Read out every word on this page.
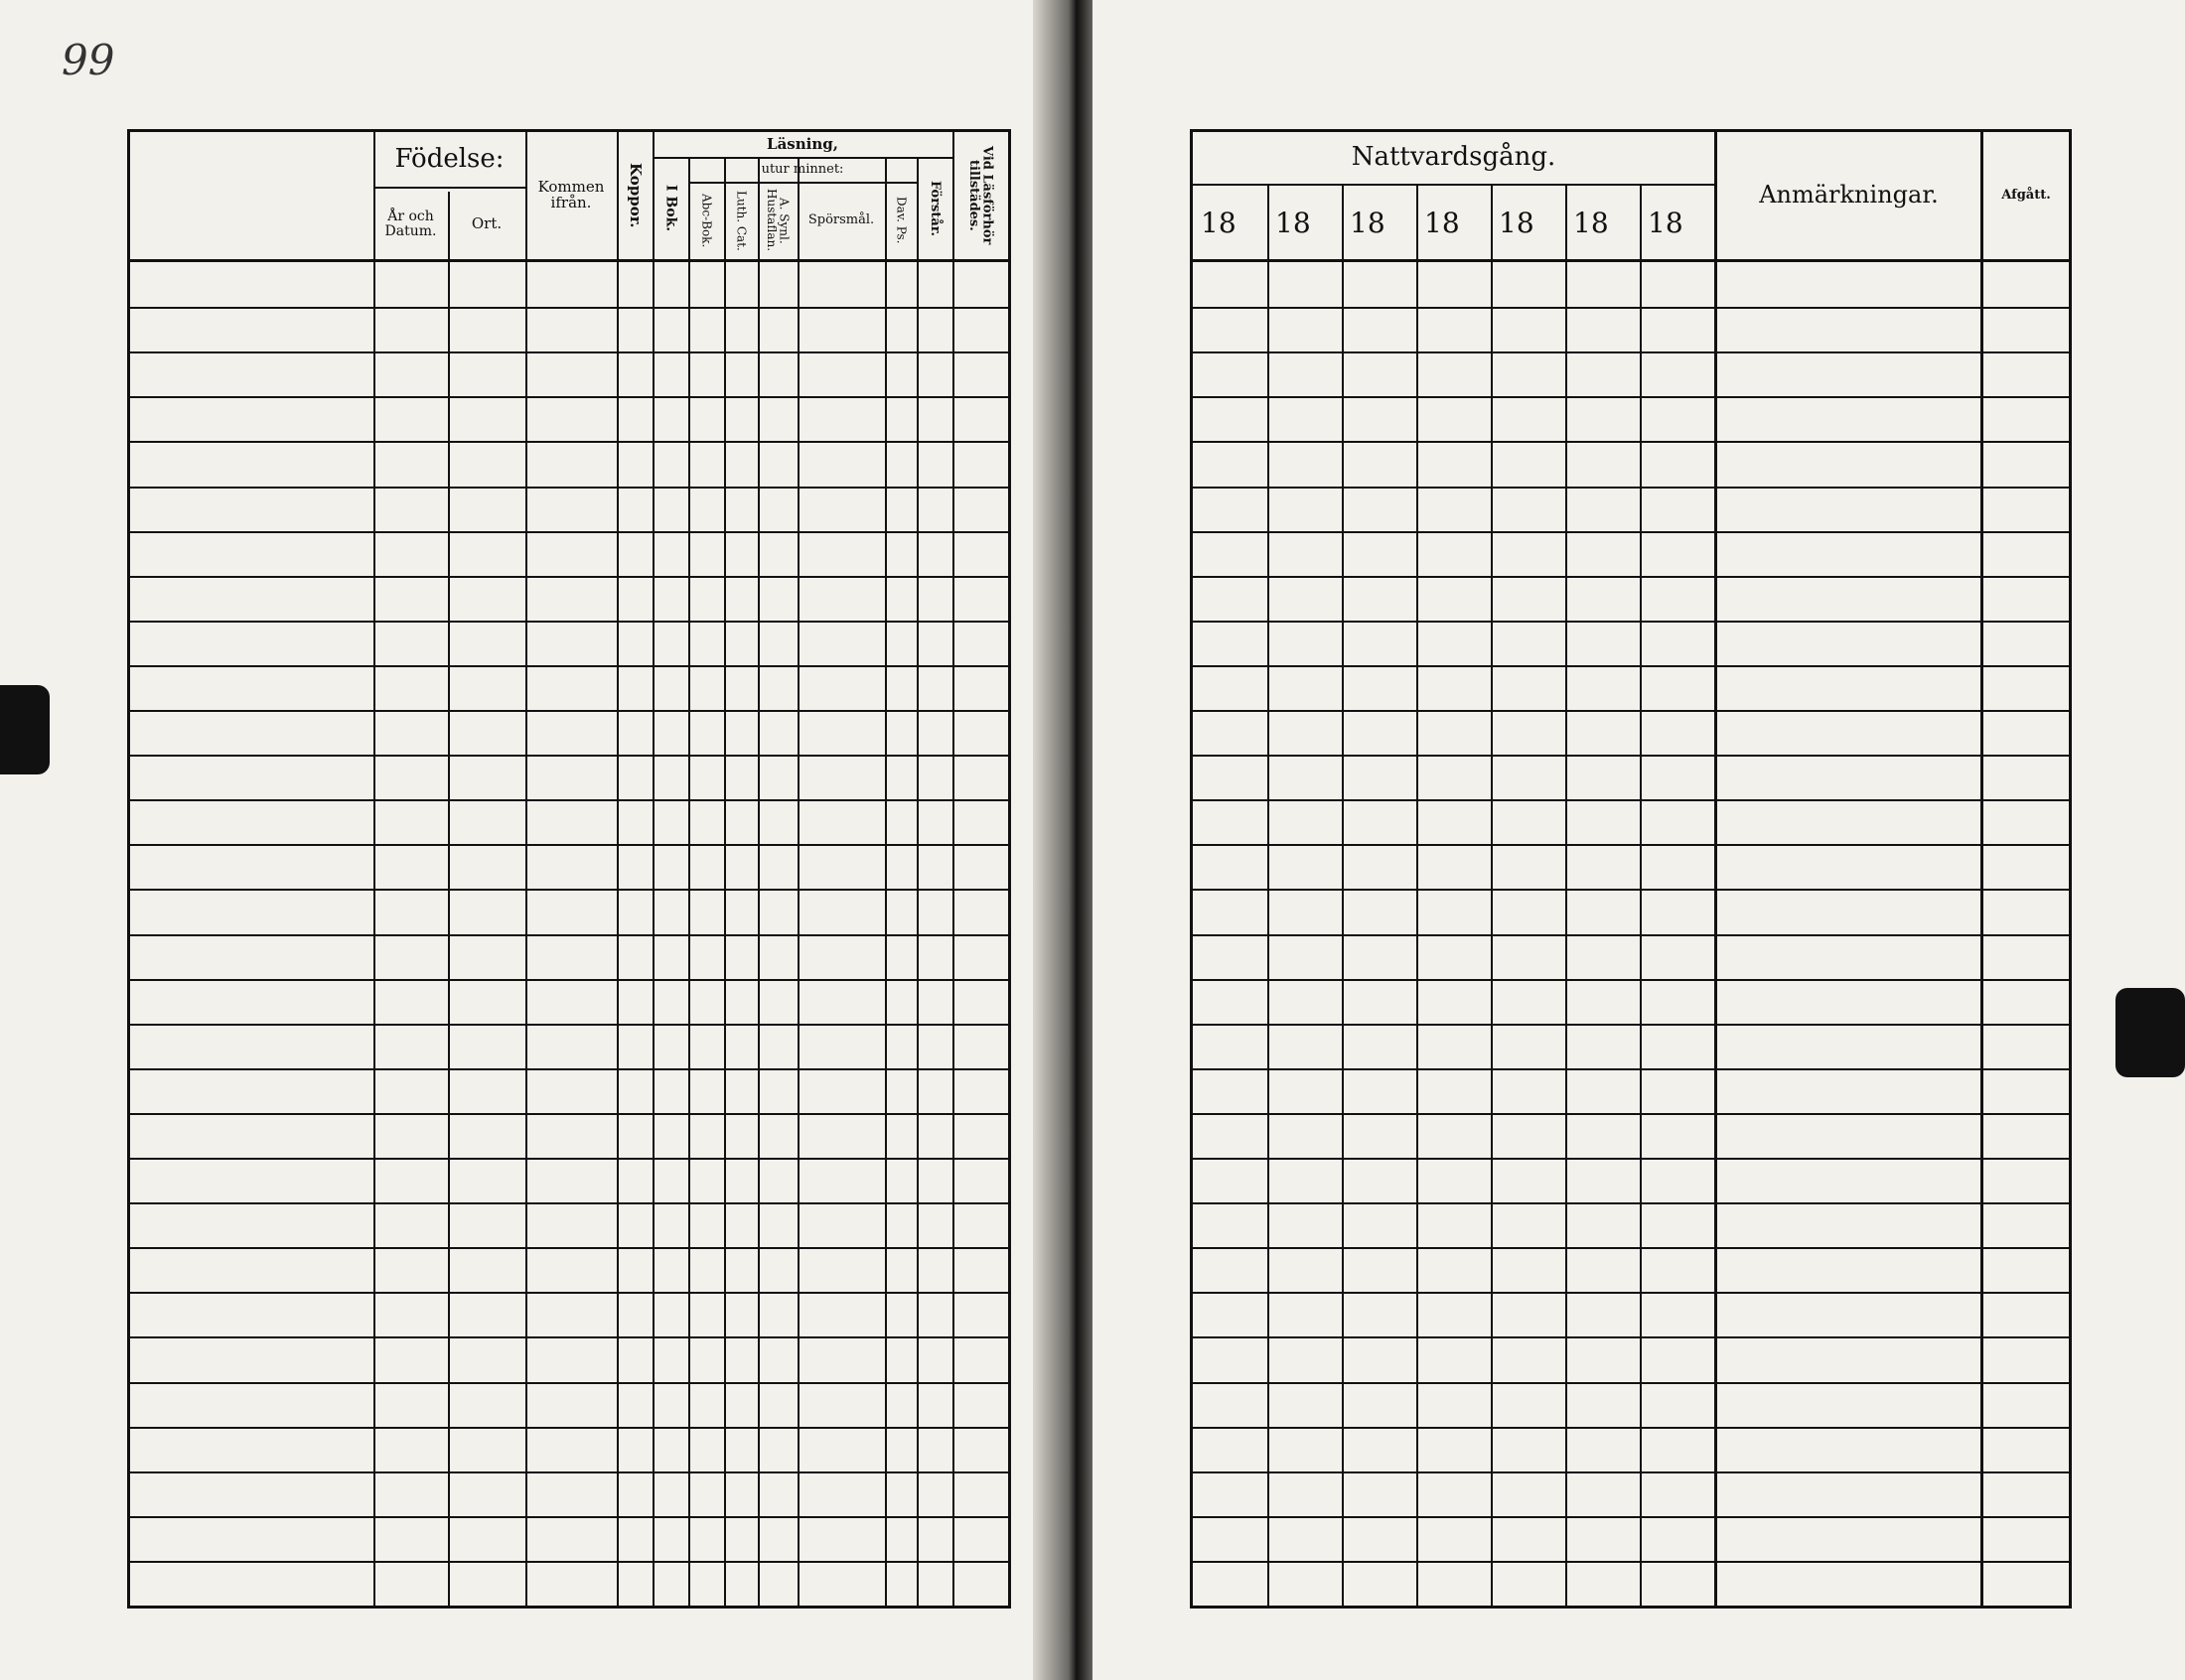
99
Födelse:
År och Datum.	Ort.
Kommen ifrån.	Koppor.
Läsning,
utur minnet:
I Bok.	Abc-Bok.	Luth. Cat.	A. Synl. Hustaflan.	Spörsmål.	Dav. Ps.	Förstår.	Vid Läsförhör tillstädes.
Nattvardsgång.
18	18	18	18	18	18	18
Anmärkningar.	Afgått.
